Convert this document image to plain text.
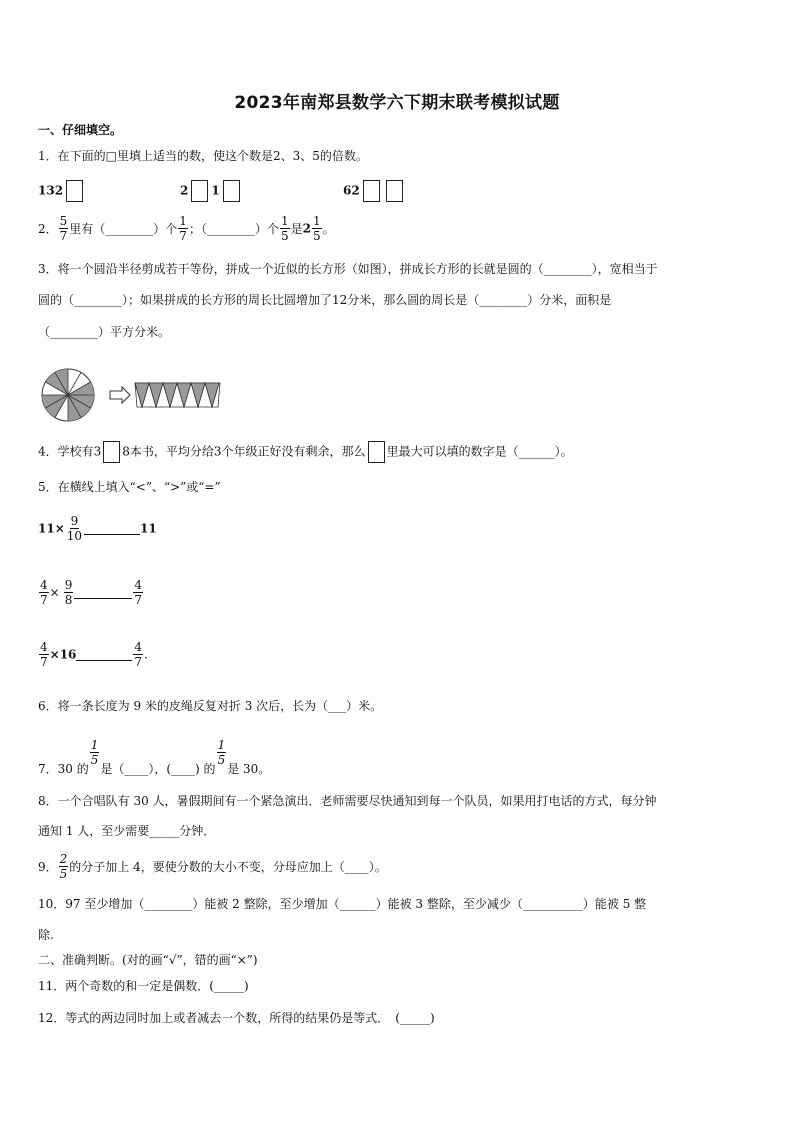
2023年南郑县数学六下期末联考模拟试题
一、仔细填空。
1．在下面的□里填上适当的数，使这个数是2、3、5的倍数。
132	2 1	62
2． $\frac{5}{7}$ 里有（________）个 $\frac{1}{7}$ ；（________）个 $\frac{1}{5}$ 是$2 \frac{1}{5}$ 。
3．将一个圆沿半径剪成若干等份，拼成一个近似的长方形（如图），拼成长方形的长就是圆的（________），宽相当于
圆的（________）；如果拼成的长方形的周长比圆增加了12分米，那么圆的周长是（________）分米，面积是
（________）平方分米。
4．学校有3 8本书，平均分给3个年级正好没有剩余，那么 里最大可以填的数字是（______）。
5．在横线上填入“<”、“>”或“=”
$11\times \frac{9}{10}$	11
$\frac{4}{7} \times \frac{9}{8}$	$\frac{4}{7}$
$\frac{4}{7} \times 16$	$\frac{4}{7}$ .
6．将一条长度为 9 米的皮绳反复对折 3 次后，长为（___）米。
7．30 的
$\frac{1}{5}$
是（____），(____) 的
$\frac{1}{5}$
是 30。
8．一个合唱队有 30 人，暑假期间有一个紧急演出．老师需要尽快通知到每一个队员，如果用打电话的方式，每分钟
通知 1 人，至少需要_____分钟．
9． $\frac{2}{5}$ 的分子加上 4，要使分数的大小不变，分母应加上（____）。
10．97 至少增加（________）能被 2 整除，至少增加（______）能被 3 整除，至少减少（__________）能被 5 整
除.
二、准确判断。(对的画“√”，错的画“×”)
11．两个奇数的和一定是偶数．(_____)
12．等式的两边同时加上或者减去一个数，所得的结果仍是等式．　(_____)
